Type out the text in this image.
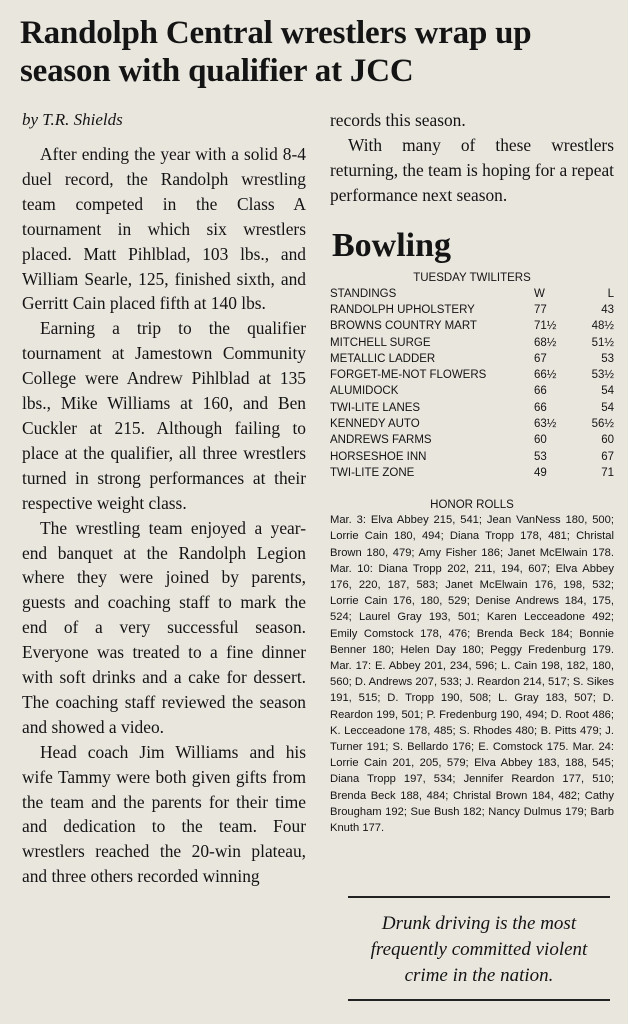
Randolph Central wrestlers wrap up season with qualifier at JCC
by T.R. Shields

After ending the year with a solid 8-4 duel record, the Randolph wrestling team competed in the Class A tournament in which six wrestlers placed. Matt Pihlblad, 103 lbs., and William Searle, 125, finished sixth, and Gerritt Cain placed fifth at 140 lbs.

Earning a trip to the qualifier tournament at Jamestown Community College were Andrew Pihlblad at 135 lbs., Mike Williams at 160, and Ben Cuckler at 215. Although failing to place at the qualifier, all three wrestlers turned in strong performances at their respective weight class.

The wrestling team enjoyed a year-end banquet at the Randolph Legion where they were joined by parents, guests and coaching staff to mark the end of a very successful season. Everyone was treated to a fine dinner with soft drinks and a cake for dessert. The coaching staff reviewed the season and showed a video.

Head coach Jim Williams and his wife Tammy were both given gifts from the team and the parents for their time and dedication to the team. Four wrestlers reached the 20-win plateau, and three others recorded winning

records this season.

With many of these wrestlers returning, the team is hoping for a repeat performance next season.

Bowling
TUESDAY TWILITERS
STANDINGS	W	L
RANDOLPH UPHOLSTERY	77	43
BROWNS COUNTRY MART	71½	48½
MITCHELL SURGE	68½	51½
METALLIC LADDER	67	53
FORGET-ME-NOT FLOWERS	66½	53½
ALUMIDOCK	66	54
TWI-LITE LANES	66	54
KENNEDY AUTO	63½	56½
ANDREWS FARMS	60	60
HORSESHOE INN	53	67
TWI-LITE ZONE	49	71
HONOR ROLLS

Mar. 3: Elva Abbey 215, 541; Jean VanNess 180, 500; Lorrie Cain 180, 494; Diana Tropp 178, 481; Christal Brown 180, 479; Amy Fisher 186; Janet McElwain 178. Mar. 10: Diana Tropp 202, 211, 194, 607; Elva Abbey 176, 220, 187, 583; Janet McElwain 176, 198, 532; Lorrie Cain 176, 180, 529; Denise Andrews 184, 175, 524; Laurel Gray 193, 501; Karen Lecceadone 492; Emily Comstock 178, 476; Brenda Beck 184; Bonnie Benner 180; Helen Day 180; Peggy Fredenburg 179. Mar. 17: E. Abbey 201, 234, 596; L. Cain 198, 182, 180, 560; D. Andrews 207, 533; J. Reardon 214, 517; S. Sikes 191, 515; D. Tropp 190, 508; L. Gray 183, 507; D. Reardon 199, 501; P. Fredenburg 190, 494; D. Root 486; K. Lecceadone 178, 485; S. Rhodes 480; B. Pitts 479; J. Turner 191; S. Bellardo 176; E. Comstock 175. Mar. 24: Lorrie Cain 201, 205, 579; Elva Abbey 183, 188, 545; Diana Tropp 197, 534; Jennifer Reardon 177, 510; Brenda Beck 188, 484; Christal Brown 184, 482; Cathy Brougham 192; Sue Bush 182; Nancy Dulmus 179; Barb Knuth 177.

Drunk driving is the most frequently committed violent crime in the nation.
